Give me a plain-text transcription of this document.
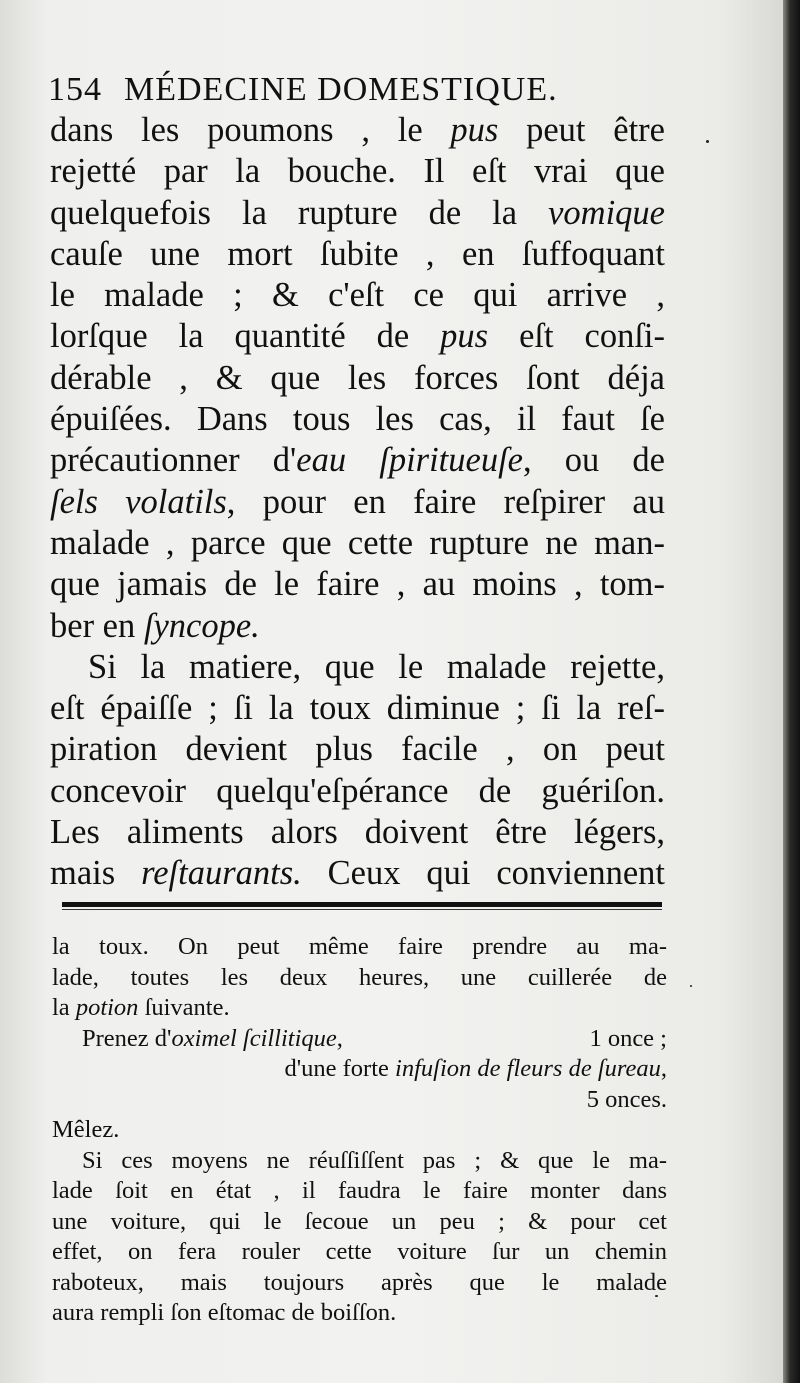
154 MÉDECINE DOMESTIQUE.
dans les poumons , le pus peut être
rejetté par la bouche. Il eſt vrai que
quelquefois la rupture de la vomique
cauſe une mort ſubite , en ſuffoquant
le malade ; & c'eſt ce qui arrive ,
lorſque la quantité de pus eſt conſi-
dérable , & que les forces ſont déja
épuiſées. Dans tous les cas, il faut ſe
précautionner d'eau ſpiritueuſe, ou de
ſels volatils, pour en faire reſpirer au
malade , parce que cette rupture ne man-
que jamais de le faire , au moins , tom-
ber en ſyncope.
Si la matiere, que le malade rejette,
eſt épaiſſe ; ſi la toux diminue ; ſi la reſ-
piration devient plus facile , on peut
concevoir quelqu'eſpérance de guériſon.
Les aliments alors doivent être légers,
mais reſtaurants. Ceux qui conviennent
la toux. On peut même faire prendre au ma-
lade, toutes les deux heures, une cuillerée de
la potion ſuivante.
Prenez d'oximel ſcillitique,	1 once ;
d'une forte infuſion de fleurs de ſureau,
5 onces.
Mêlez.
Si ces moyens ne réuſſiſſent pas ; & que le ma-
lade ſoit en état , il faudra le faire monter dans
une voiture, qui le ſecoue un peu ; & pour cet
effet, on fera rouler cette voiture ſur un chemin
raboteux, mais toujours après que le malade
aura rempli ſon eſtomac de boiſſon.
